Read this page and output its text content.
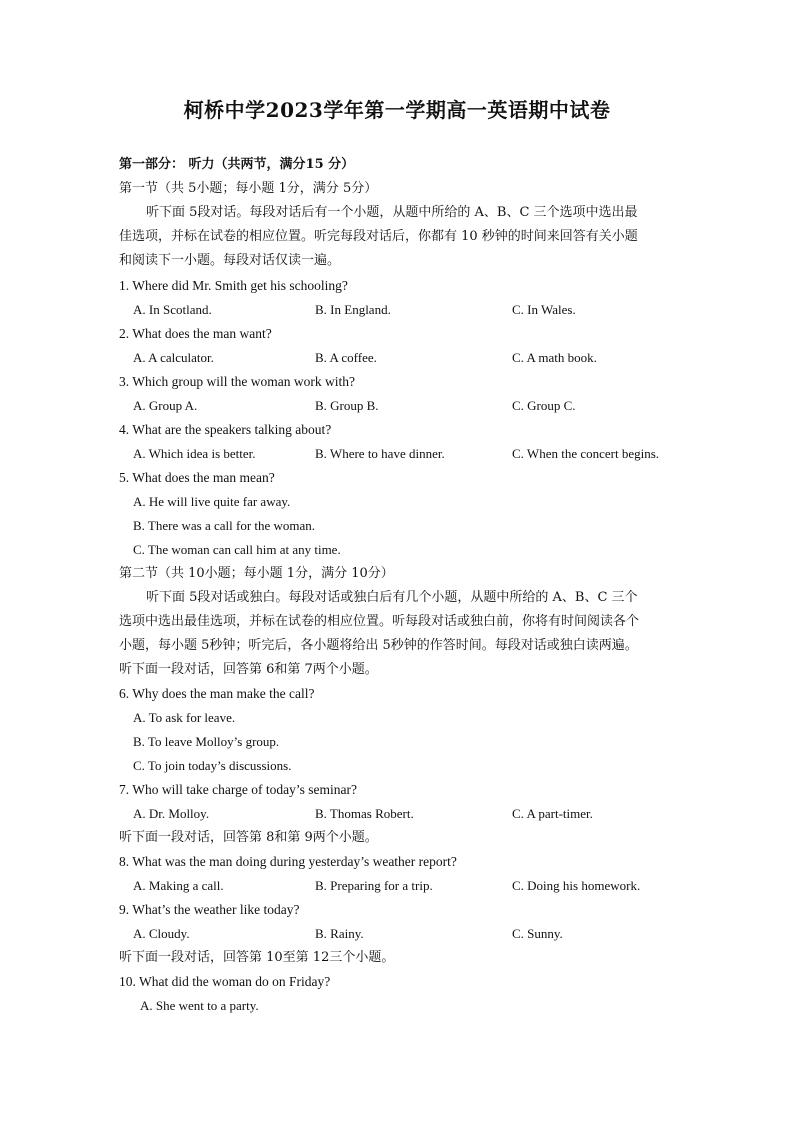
柯桥中学2023学年第一学期高一英语期中试卷
第一部分： 听力（共两节，满分15 分）
第一节（共 5小题；每小题 1分，满分 5分）
听下面 5段对话。每段对话后有一个小题，从题中所给的 A、B、C 三个选项中选出最
佳选项，并标在试卷的相应位置。听完每段对话后，你都有 10 秒钟的时间来回答有关小题
和阅读下一小题。每段对话仅读一遍。
1. Where did Mr. Smith get his schooling?
A. In Scotland.	B. In England.	C. In Wales.
2. What does the man want?
A. A calculator.	B. A coffee.	C. A math book.
3. Which group will the woman work with?
A. Group A.	B. Group B.	C. Group C.
4. What are the speakers talking about?
A. Which idea is better.	B. Where to have dinner.	C. When the concert begins.
5. What does the man mean?
A. He will live quite far away.
B. There was a call for the woman.
C. The woman can call him at any time.
第二节（共 10小题；每小题 1分，满分 10分）
听下面 5段对话或独白。每段对话或独白后有几个小题，从题中所给的 A、B、C 三个
选项中选出最佳选项，并标在试卷的相应位置。听每段对话或独白前，你将有时间阅读各个
小题，每小题 5秒钟；听完后，各小题将给出 5秒钟的作答时间。每段对话或独白读两遍。
听下面一段对话，回答第 6和第 7两个小题。
6. Why does the man make the call?
A. To ask for leave.
B. To leave Molloy’s group.
C. To join today’s discussions.
7. Who will take charge of today’s seminar?
A. Dr. Molloy.	B. Thomas Robert.	C. A part-timer.
听下面一段对话，回答第 8和第 9两个小题。
8. What was the man doing during yesterday’s weather report?
A. Making a call.	B. Preparing for a trip.	C. Doing his homework.
9. What’s the weather like today?
A. Cloudy.	B. Rainy.	C. Sunny.
听下面一段对话，回答第 10至第 12三个小题。
10. What did the woman do on Friday?
A. She went to a party.
